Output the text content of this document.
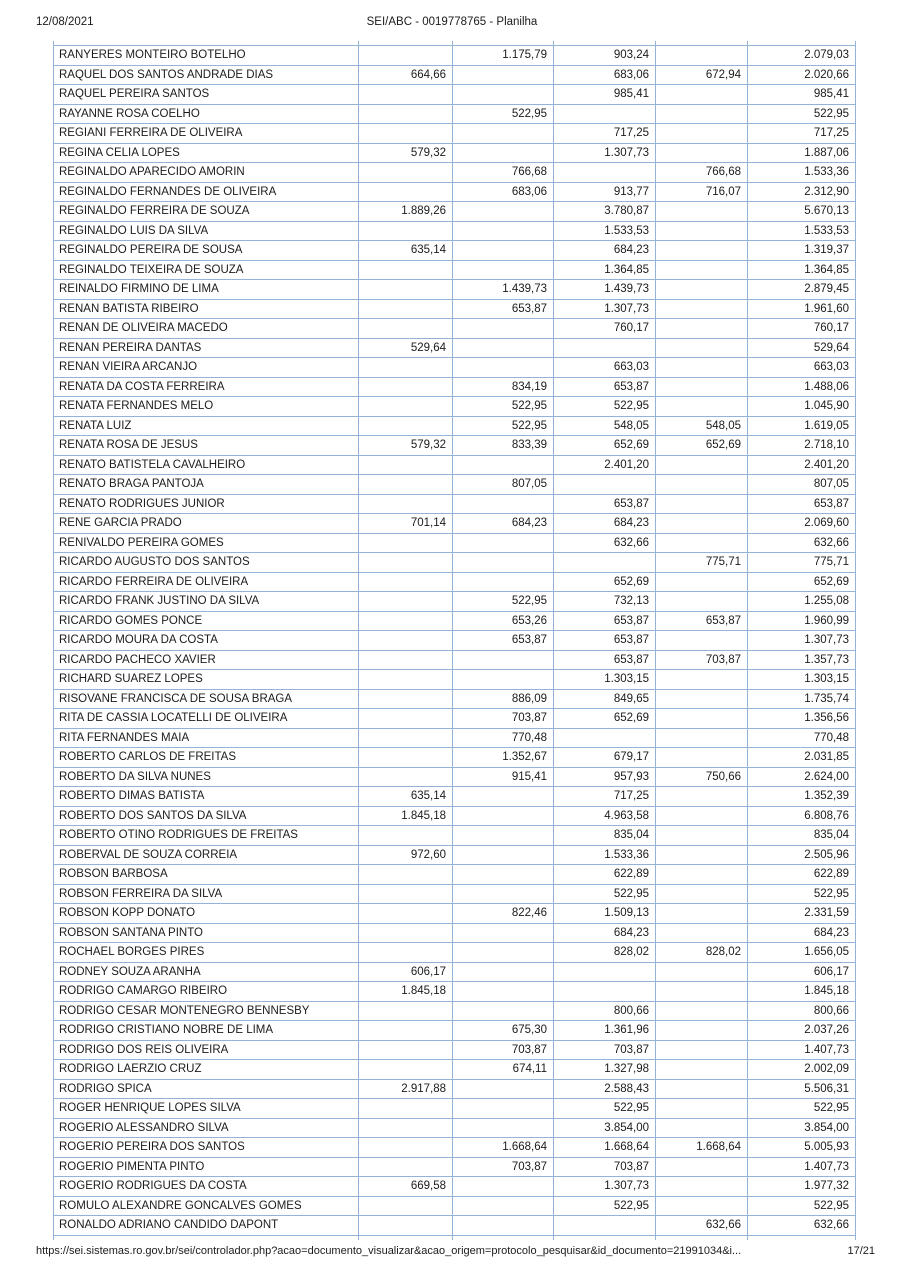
12/08/2021	SEI/ABC - 0019778765 - Planilha
RANYERES MONTEIRO BOTELHO		1.175,79	903,24		2.079,03
RAQUEL DOS SANTOS ANDRADE DIAS	664,66		683,06	672,94	2.020,66
RAQUEL PEREIRA SANTOS			985,41		985,41
RAYANNE ROSA COELHO		522,95			522,95
REGIANI FERREIRA DE OLIVEIRA			717,25		717,25
REGINA CELIA LOPES	579,32		1.307,73		1.887,06
REGINALDO APARECIDO AMORIN		766,68		766,68	1.533,36
REGINALDO FERNANDES DE OLIVEIRA		683,06	913,77	716,07	2.312,90
REGINALDO FERREIRA DE SOUZA	1.889,26		3.780,87		5.670,13
REGINALDO LUIS DA SILVA			1.533,53		1.533,53
REGINALDO PEREIRA DE SOUSA	635,14		684,23		1.319,37
REGINALDO TEIXEIRA DE SOUZA			1.364,85		1.364,85
REINALDO FIRMINO DE LIMA		1.439,73	1.439,73		2.879,45
RENAN BATISTA RIBEIRO		653,87	1.307,73		1.961,60
RENAN DE OLIVEIRA MACEDO			760,17		760,17
RENAN PEREIRA DANTAS	529,64				529,64
RENAN VIEIRA ARCANJO			663,03		663,03
RENATA DA COSTA FERREIRA		834,19	653,87		1.488,06
RENATA FERNANDES MELO		522,95	522,95		1.045,90
RENATA LUIZ		522,95	548,05	548,05	1.619,05
RENATA ROSA DE JESUS	579,32	833,39	652,69	652,69	2.718,10
RENATO BATISTELA CAVALHEIRO			2.401,20		2.401,20
RENATO BRAGA PANTOJA		807,05			807,05
RENATO RODRIGUES JUNIOR			653,87		653,87
RENE GARCIA PRADO	701,14	684,23	684,23		2.069,60
RENIVALDO PEREIRA GOMES			632,66		632,66
RICARDO AUGUSTO DOS SANTOS				775,71	775,71
RICARDO FERREIRA DE OLIVEIRA			652,69		652,69
RICARDO FRANK JUSTINO DA SILVA		522,95	732,13		1.255,08
RICARDO GOMES PONCE		653,26	653,87	653,87	1.960,99
RICARDO MOURA DA COSTA		653,87	653,87		1.307,73
RICARDO PACHECO XAVIER			653,87	703,87	1.357,73
RICHARD SUAREZ LOPES			1.303,15		1.303,15
RISOVANE FRANCISCA DE SOUSA BRAGA		886,09	849,65		1.735,74
RITA DE CASSIA LOCATELLI DE OLIVEIRA		703,87	652,69		1.356,56
RITA FERNANDES MAIA		770,48			770,48
ROBERTO CARLOS DE FREITAS		1.352,67	679,17		2.031,85
ROBERTO DA SILVA NUNES		915,41	957,93	750,66	2.624,00
ROBERTO DIMAS BATISTA	635,14		717,25		1.352,39
ROBERTO DOS SANTOS DA SILVA	1.845,18		4.963,58		6.808,76
ROBERTO OTINO RODRIGUES DE FREITAS			835,04		835,04
ROBERVAL DE SOUZA CORREIA	972,60		1.533,36		2.505,96
ROBSON BARBOSA			622,89		622,89
ROBSON FERREIRA DA SILVA			522,95		522,95
ROBSON KOPP DONATO		822,46	1.509,13		2.331,59
ROBSON SANTANA PINTO			684,23		684,23
ROCHAEL BORGES PIRES			828,02	828,02	1.656,05
RODNEY SOUZA ARANHA	606,17				606,17
RODRIGO CAMARGO RIBEIRO	1.845,18				1.845,18
RODRIGO CESAR MONTENEGRO BENNESBY			800,66		800,66
RODRIGO CRISTIANO NOBRE DE LIMA		675,30	1.361,96		2.037,26
RODRIGO DOS REIS OLIVEIRA		703,87	703,87		1.407,73
RODRIGO LAERZIO CRUZ		674,11	1.327,98		2.002,09
RODRIGO SPICA	2.917,88		2.588,43		5.506,31
ROGER HENRIQUE LOPES SILVA			522,95		522,95
ROGERIO ALESSANDRO SILVA			3.854,00		3.854,00
ROGERIO PEREIRA DOS SANTOS		1.668,64	1.668,64	1.668,64	5.005,93
ROGERIO PIMENTA PINTO		703,87	703,87		1.407,73
ROGERIO RODRIGUES DA COSTA	669,58		1.307,73		1.977,32
ROMULO ALEXANDRE GONCALVES GOMES			522,95		522,95
RONALDO ADRIANO CANDIDO DAPONT				632,66	632,66
https://sei.sistemas.ro.gov.br/sei/controlador.php?acao=documento_visualizar&acao_origem=protocolo_pesquisar&id_documento=21991034&i...	17/21
